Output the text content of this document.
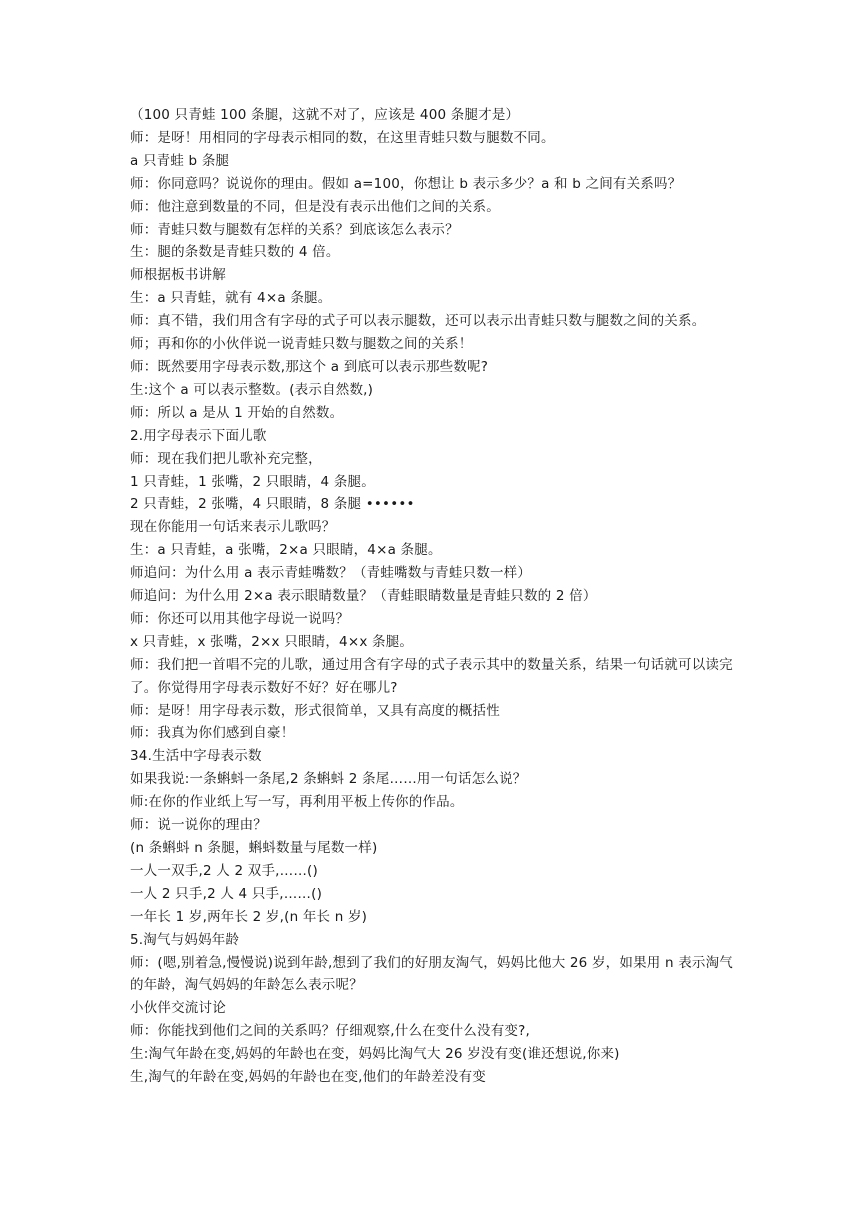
（100 只青蛙 100 条腿，这就不对了，应该是 400 条腿才是）

师：是呀！用相同的字母表示相同的数，在这里青蛙只数与腿数不同。

a 只青蛙 b 条腿

师：你同意吗？说说你的理由。假如 a=100，你想让 b 表示多少？a 和 b 之间有关系吗？

师：他注意到数量的不同，但是没有表示出他们之间的关系。

师：青蛙只数与腿数有怎样的关系？到底该怎么表示？

生：腿的条数是青蛙只数的 4 倍。

师根据板书讲解

生：a 只青蛙，就有 4×a 条腿。

师：真不错，我们用含有字母的式子可以表示腿数，还可以表示出青蛙只数与腿数之间的关系。

师；再和你的小伙伴说一说青蛙只数与腿数之间的关系！

师：既然要用字母表示数,那这个 a 到底可以表示那些数呢?

生:这个 a 可以表示整数。(表示自然数,)

师：所以 a 是从 1 开始的自然数。

2.用字母表示下面儿歌

师：现在我们把儿歌补充完整，

1 只青蛙，1 张嘴，2 只眼睛，4 条腿。

2 只青蛙，2 张嘴，4 只眼睛，8 条腿 ••••••

现在你能用一句话来表示儿歌吗？

生：a 只青蛙，a 张嘴，2×a 只眼睛，4×a 条腿。

师追问：为什么用 a 表示青蛙嘴数？（青蛙嘴数与青蛙只数一样）

师追问：为什么用 2×a 表示眼睛数量？（青蛙眼睛数量是青蛙只数的 2 倍）

师：你还可以用其他字母说一说吗？

x 只青蛙，x 张嘴，2×x 只眼睛，4×x 条腿。

师：我们把一首唱不完的儿歌，通过用含有字母的式子表示其中的数量关系，结果一句话就可以读完了。你觉得用字母表示数好不好？好在哪儿?

师：是呀！用字母表示数，形式很简单，又具有高度的概括性

师：我真为你们感到自豪！

34.生活中字母表示数

如果我说:一条蝌蚪一条尾,2 条蝌蚪 2 条尾……用一句话怎么说？

师:在你的作业纸上写一写，再利用平板上传你的作品。

师：说一说你的理由？

(n 条蝌蚪 n 条腿，蝌蚪数量与尾数一样)

一人一双手,2 人 2 双手,……()

一人 2 只手,2 人 4 只手,……()

一年长 1 岁,两年长 2 岁,(n 年长 n 岁)

5.淘气与妈妈年龄

师：(嗯,别着急,慢慢说)说到年龄,想到了我们的好朋友淘气，妈妈比他大 26 岁，如果用 n 表示淘气的年龄，淘气妈妈的年龄怎么表示呢？

小伙伴交流讨论

师：你能找到他们之间的关系吗？仔细观察,什么在变什么没有变?,

生:淘气年龄在变,妈妈的年龄也在变，妈妈比淘气大 26 岁没有变(谁还想说,你来)

生,淘气的年龄在变,妈妈的年龄也在变,他们的年龄差没有变
